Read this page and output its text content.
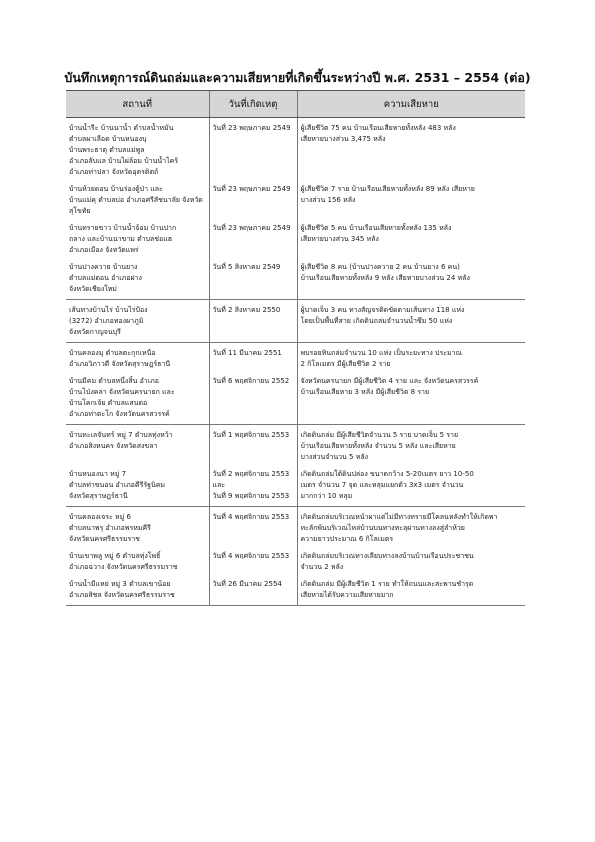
บันทึกเหตุการณ์ดินถล่มและความเสียหายที่เกิดขึ้นระหว่างปี พ.ศ. 2531 – 2554 (ต่อ)
สถานที่	วันที่เกิดเหตุ	ความเสียหาย

บ้านน้ำรีะ บ้านนาน้ำ ตำบลน้ำหมัน
ตำบลผาเลือด บ้านหนองบุ
บ้านพระธาตุ ตำบลแม่พูล
อำเภอลับแล บ้านไผ่ล้อม บ้านน้ำไคร้
อำเภอท่าปลา จังหวัดอุตรดิตถ์	วันที่ 23 พฤษภาคม 2549	ผู้เสียชีวิต 75 คน บ้านเรือนเสียหายทั้งหลัง 483 หลัง
เสียหายบางส่วน 3,475 หลัง

บ้านห้วยดอน บ้านร่องตู้ป่า และ
บ้านแม่คุ ตำบลบ่อ อำเภอศรีสัชนาลัย จังหวัด
สุโขทัย	วันที่ 23 พฤษภาคม 2549	ผู้เสียชีวิต 7 ราย บ้านเรือนเสียหายทั้งหลัง 89 หลัง เสียหาย
บางส่วน 156 หลัง

บ้านทรายขาว บ้านน้ำจ้อม บ้านปาก
ถลาง และบ้านนาขาม ตำบลช่อแฮ
อำเภอเมือง จังหวัดแพร่	วันที่ 23 พฤษภาคม 2549	ผู้เสียชีวิต 5 คน บ้านเรือนเสียหายทั้งหลัง 135 หลัง
เสียหายบางส่วน 345 หลัง

บ้านปางควาย บ้านยาง
ตำบลแม่ตอน อำเภอฝาง
จังหวัดเชียงใหม่	วันที่ 5 สิงหาคม 2549	ผู้เสียชีวิต 8 คน (บ้านปางควาย 2 คน บ้านยาง 6 คน)
บ้านเรือนเสียหายทั้งหลัง 9 หลัง เสียหายบางส่วน 24 หลัง

เส้นทางบ้านไร่ บ้านไร่ป้อง
(3272) อำเภอทองผาภูมิ
จังหวัดกาญจนบุรี	วันที่ 2 สิงหาคม 2550	ผู้บาดเจ็บ 3 คน ทางสัญจรติดขัดตามเส้นทาง 118 แห่ง
โดยเป็นพื้นที่สาย เกิดดินถล่มจำนวนน้ำซึม 50 แห่ง

บ้านคลองมุ ตำบลตะกุกเหนือ
อำเภอวิภาวดี จังหวัดสุราษฎร์ธานี	วันที่ 11 มีนาคม 2551	พบรอยหินถล่มจำนวน 10 แห่ง เป็นระยะทาง ประมาณ
2 กิโลเมตร มีผู้เสียชีวิต 2 ราย

บ้านมีคม ตำบลหนึ่งสิ้น อำเภอ
บ้านโป่งคลา จังหวัดนครนายก และ
บ้านโคกเจ้ย ตำบลแสนตอ
อำเภอท่าตะโก จังหวัดนครสวรรค์	วันที่ 6 พฤศจิกายน 2552	จังหวัดนครนายก มีผู้เสียชีวิต 4 ราย และ จังหวัดนครสวรรค์
บ้านเรือนเสียหาย 3 หลัง มีผู้เสียชีวิต 8 ราย

บ้านทะเลจันทร์ หมู่ 7 ตำบลทุ่งหว้า
อำเภอสิงหนคร จังหวัดสงขลา	วันที่ 1 พฤศจิกายน 2553	เกิดดินถล่ม มีผู้เสียชีวิตจำนวน 5 ราย บาดเจ็บ 5 ราย
บ้านเรือนเสียหายทั้งหลัง จำนวน 5 หลัง และเสียหาย
บางส่วนจำนวน 5 หลัง

บ้านหนองนา หมู่ 7
ตำบลท่าขนอน อำเภอคีรีรัฐนิคม
จังหวัดสุราษฎร์ธานี	วันที่ 2 พฤศจิกายน 2553
และ
วันที่ 9 พฤศจิกายน 2553	เกิดดินถล่มใต้ดินปล่อง ขนาดกว้าง 5-20เมตร ยาว 10-50
เมตร จำนวน 7 จุด และหลุมแยกตัว 3x3 เมตร จำนวน
มากกว่า 10 หลุม

บ้านคลองเจระ หมู่ 6
ตำบลนาพรุ อำเภอพรหมคีรี
จังหวัดนครศรีธรรมราช	วันที่ 4 พฤศจิกายน 2553	เกิดดินถล่มบริเวณหน้าผาแต่ไม่มีทางทรายมีโคลนหลังทำให้เกิดพา
ทะลักพ้นบริเวณไหล่บ้านบนทางทะลุผ่านทางลงสู่ลำห้วย
ความยาวประมาณ 6 กิโลเมตร

บ้านเขาพลู หมู่ 6 ตำบลทุ่งโพธิ์
อำเภอฉวาง จังหวัดนครศรีธรรมราช	วันที่ 4 พฤศจิกายน 2553	เกิดดินถล่มบริเวณทางเลียบทางลงบ้านบ้านเรือนประชาชน
จำนวน 2 หลัง

บ้านน้ำมีแหย่ หมู่ 3 ตำบลเขาน้อย
อำเภอสิชล จังหวัดนครศรีธรรมราช	วันที่ 26 มีนาคม 2554	เกิดดินถล่ม มีผู้เสียชีวิต 1 ราย ทำให้ถนนและสะพานชำรุด
เสียหายได้รับความเสียหายมาก
